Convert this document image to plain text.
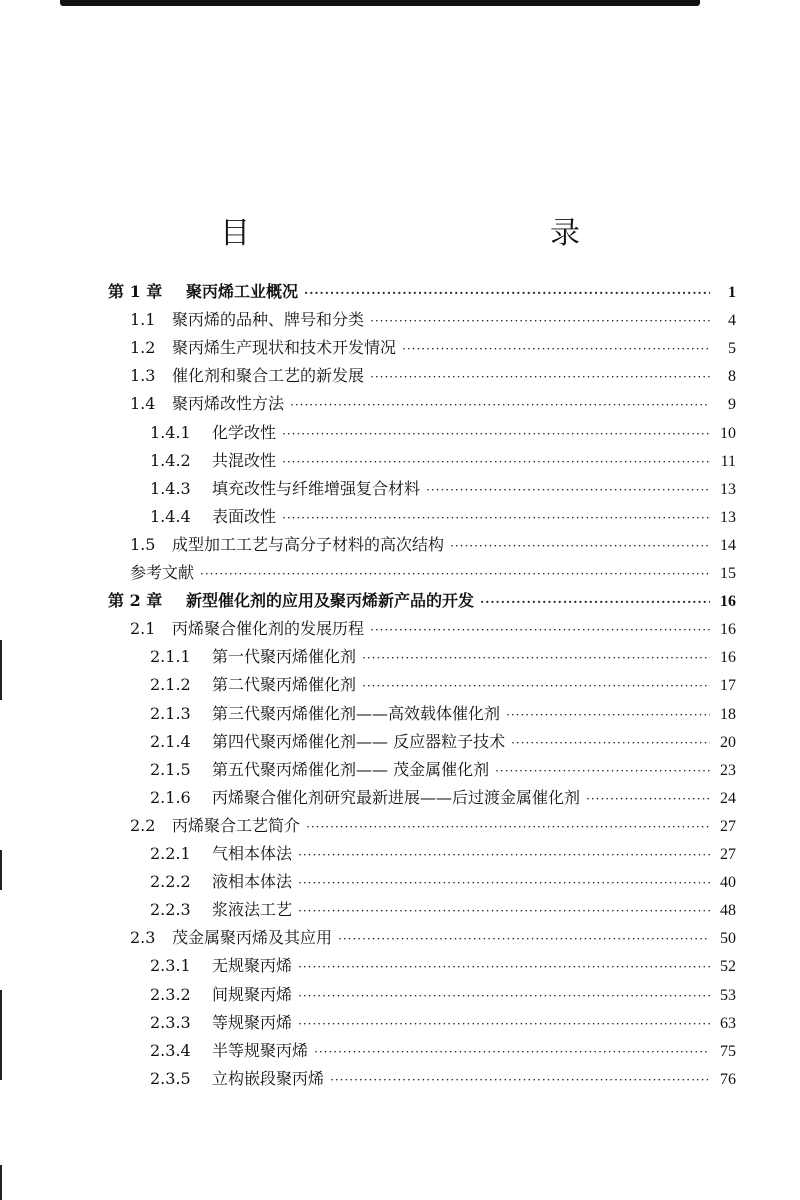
目　　录
第 1 章	聚丙烯工业概况 ·····	1
1.1	聚丙烯的品种、牌号和分类 ·····	4
1.2	聚丙烯生产现状和技术开发情况 ·····	5
1.3	催化剂和聚合工艺的新发展 ·····	8
1.4	聚丙烯改性方法 ·····	9
1.4.1	化学改性 ·····	10
1.4.2	共混改性 ·····	11
1.4.3	填充改性与纤维增强复合材料 ·····	13
1.4.4	表面改性 ·····	13
1.5	成型加工工艺与高分子材料的高次结构 ·····	14
参考文献 ·····	15
第 2 章	新型催化剂的应用及聚丙烯新产品的开发 ·····	16
2.1	丙烯聚合催化剂的发展历程 ·····	16
2.1.1	第一代聚丙烯催化剂 ·····	16
2.1.2	第二代聚丙烯催化剂 ·····	17
2.1.3	第三代聚丙烯催化剂——高效载体催化剂 ·····	18
2.1.4	第四代聚丙烯催化剂—— 反应器粒子技术 ·····	20
2.1.5	第五代聚丙烯催化剂—— 茂金属催化剂 ·····	23
2.1.6	丙烯聚合催化剂研究最新进展——后过渡金属催化剂 ·····	24
2.2	丙烯聚合工艺简介 ·····	27
2.2.1	气相本体法 ·····	27
2.2.2	液相本体法 ·····	40
2.2.3	浆液法工艺 ·····	48
2.3	茂金属聚丙烯及其应用 ·····	50
2.3.1	无规聚丙烯 ·····	52
2.3.2	间规聚丙烯 ·····	53
2.3.3	等规聚丙烯 ·····	63
2.3.4	半等规聚丙烯 ·····	75
2.3.5	立构嵌段聚丙烯 ·····	76
